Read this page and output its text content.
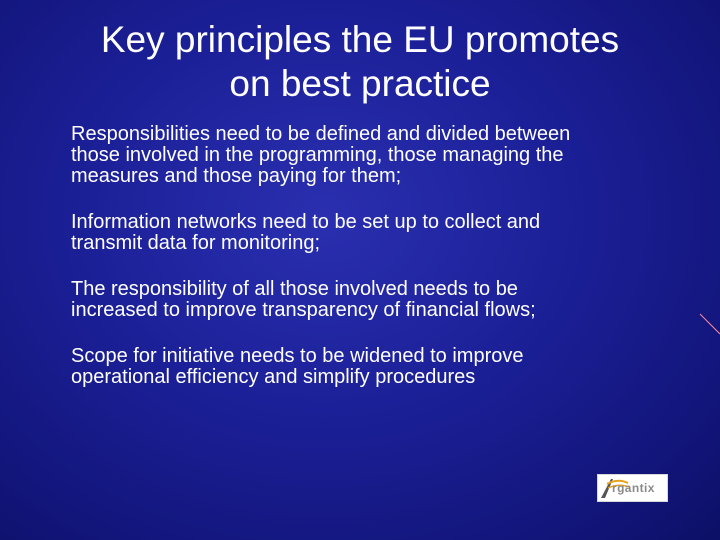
Key principles the EU promotes
on best practice
Responsibilities need to be defined and divided between
those involved in the programming, those managing the
measures and those paying for them;
Information networks need to be set up to collect and
transmit data for monitoring;
The responsibility of all those involved needs to be
increased to improve transparency of financial flows;
Scope for initiative needs to be widened to improve
operational efficiency and simplify procedures
rgantix
